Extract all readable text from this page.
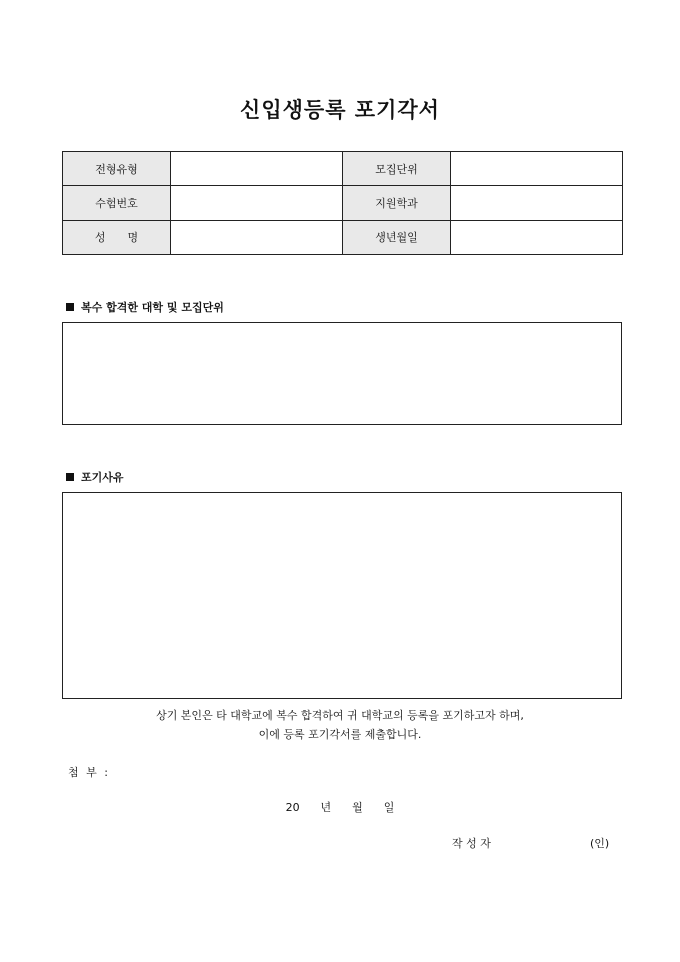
신입생등록 포기각서
전형유형		모집단위	
수험번호		지원학과	
성　　명		생년월일	
복수 합격한 대학 및 모집단위
포기사유
상기 본인은 타 대학교에 복수 합격하여 귀 대학교의 등록을 포기하고자 하며,
이에 등록 포기각서를 제출합니다.
첨 부 :
20      년      월      일
작 성 자	(인)
